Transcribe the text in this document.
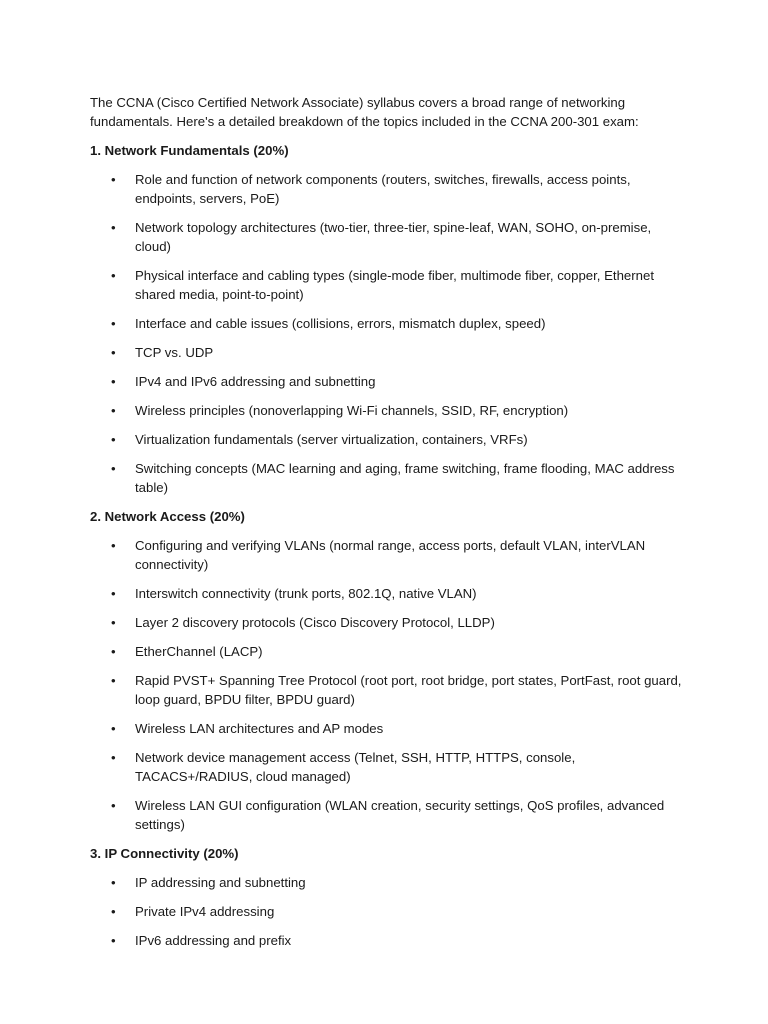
The CCNA (Cisco Certified Network Associate) syllabus covers a broad range of networking fundamentals. Here's a detailed breakdown of the topics included in the CCNA 200-301 exam:

1. Network Fundamentals (20%)

• Role and function of network components (routers, switches, firewalls, access points, endpoints, servers, PoE)
• Network topology architectures (two-tier, three-tier, spine-leaf, WAN, SOHO, on-premise, cloud)
• Physical interface and cabling types (single-mode fiber, multimode fiber, copper, Ethernet shared media, point-to-point)
• Interface and cable issues (collisions, errors, mismatch duplex, speed)
• TCP vs. UDP
• IPv4 and IPv6 addressing and subnetting
• Wireless principles (nonoverlapping Wi-Fi channels, SSID, RF, encryption)
• Virtualization fundamentals (server virtualization, containers, VRFs)
• Switching concepts (MAC learning and aging, frame switching, frame flooding, MAC address table)

2. Network Access (20%)

• Configuring and verifying VLANs (normal range, access ports, default VLAN, interVLAN connectivity)
• Interswitch connectivity (trunk ports, 802.1Q, native VLAN)
• Layer 2 discovery protocols (Cisco Discovery Protocol, LLDP)
• EtherChannel (LACP)
• Rapid PVST+ Spanning Tree Protocol (root port, root bridge, port states, PortFast, root guard, loop guard, BPDU filter, BPDU guard)
• Wireless LAN architectures and AP modes
• Network device management access (Telnet, SSH, HTTP, HTTPS, console, TACACS+/RADIUS, cloud managed)
• Wireless LAN GUI configuration (WLAN creation, security settings, QoS profiles, advanced settings)

3. IP Connectivity (20%)

• IP addressing and subnetting
• Private IPv4 addressing
• IPv6 addressing and prefix
